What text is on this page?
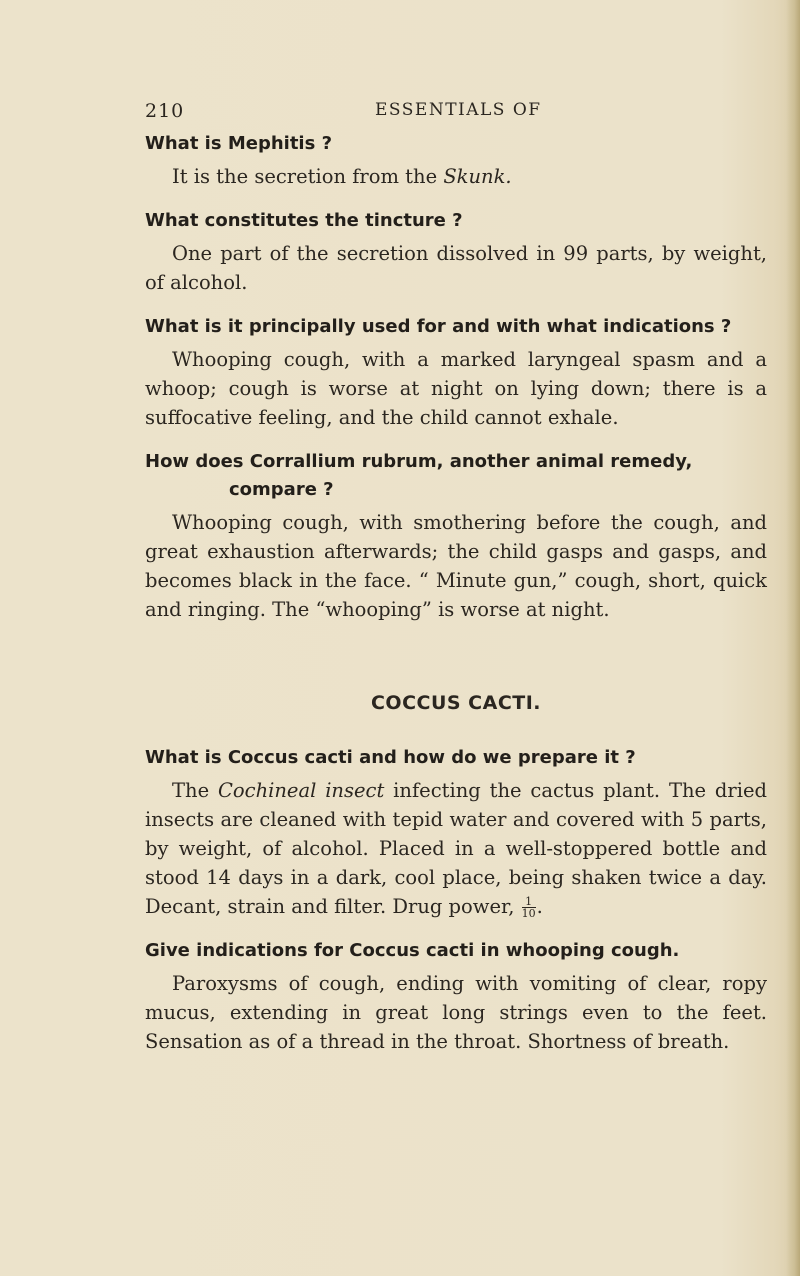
210	ESSENTIALS OF

What is Mephitis ?

It is the secretion from the Skunk.

What constitutes the tincture ?

One part of the secretion dissolved in 99 parts, by weight, of alcohol.

What is it principally used for and with what indications ?

Whooping cough, with a marked laryngeal spasm and a whoop; cough is worse at night on lying down; there is a suffocative feeling, and the child cannot exhale.

How does Corrallium rubrum, another animal remedy, compare ?

Whooping cough, with smothering before the cough, and great exhaustion afterwards; the child gasps and gasps, and becomes black in the face. “ Minute gun,” cough, short, quick and ringing. The “whooping” is worse at night.

COCCUS CACTI.

What is Coccus cacti and how do we prepare it ?

The Cochineal insect infecting the cactus plant. The dried insects are cleaned with tepid water and covered with 5 parts, by weight, of alcohol. Placed in a well-stoppered bottle and stood 14 days in a dark, cool place, being shaken twice a day. Decant, strain and filter. Drug power, $\frac{1}{10}$ .

Give indications for Coccus cacti in whooping cough.

Paroxysms of cough, ending with vomiting of clear, ropy mucus, extending in great long strings even to the feet. Sensation as of a thread in the throat. Shortness of breath.
